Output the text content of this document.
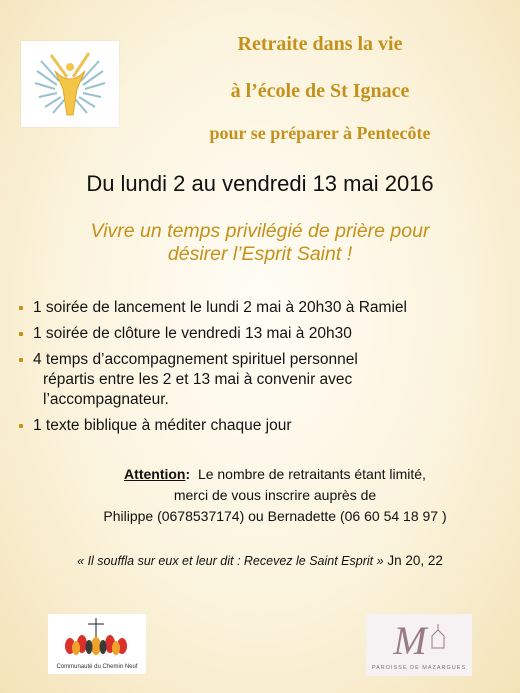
Retraite dans la vie
à l’école de St Ignace
pour se préparer à Pentecôte
Du lundi 2 au vendredi 13 mai 2016
Vivre un temps privilégié de prière pour
désirer l’Esprit Saint !
1 soirée de lancement le lundi 2 mai à 20h30 à Ramiel
1 soirée de clôture le vendredi 13 mai à 20h30
4 temps d’accompagnement spirituel personnel
répartis entre les 2 et 13 mai à convenir avec
l’accompagnateur.
1 texte biblique à méditer chaque jour
Attention: Le nombre de retraitants étant limité,
merci de vous inscrire auprès de
Philippe (0678537174) ou Bernadette (06 60 54 18 97 )
« Il souffla sur eux et leur dit : Recevez le Saint Esprit » Jn 20, 22
Communauté du Chemin Neuf
M
PAROISSE DE MAZARGUES
